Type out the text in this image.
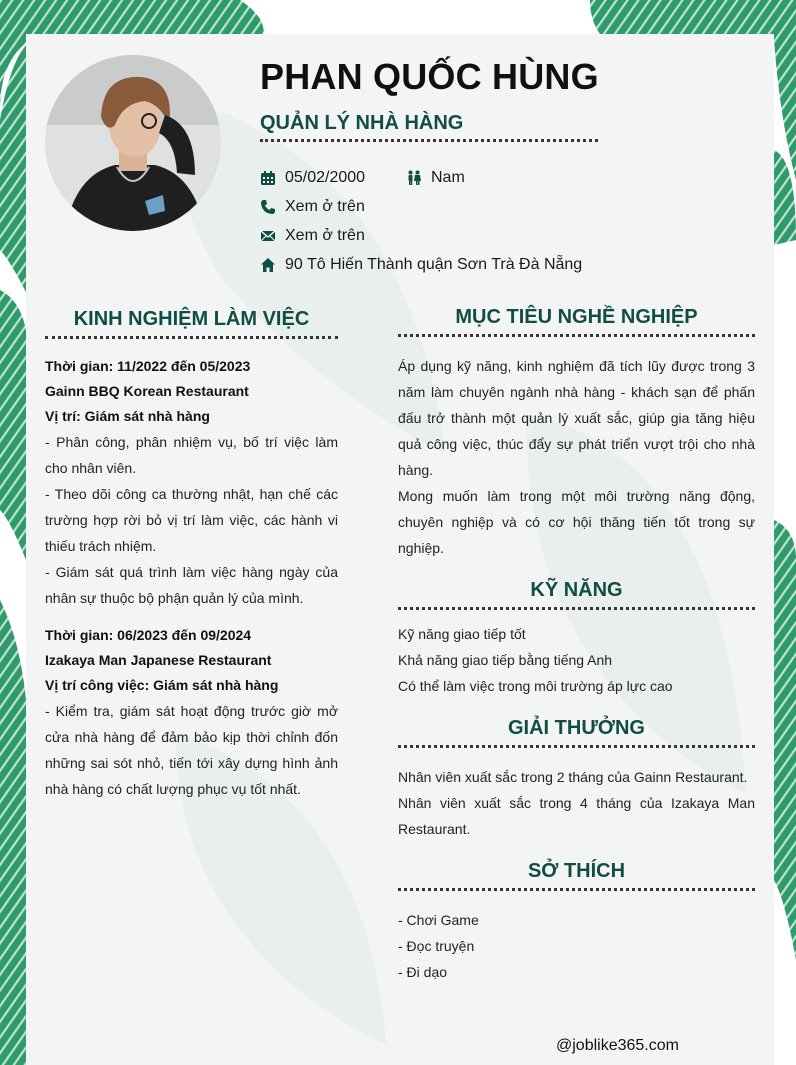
PHAN QUỐC HÙNG
QUẢN LÝ NHÀ HÀNG
05/02/2000	Nam
Xem ở trên
Xem ở trên
90 Tô Hiến Thành quận Sơn Trà Đà Nẵng
KINH NGHIỆM LÀM VIỆC

Thời gian: 11/2022 đến 05/2023

Gainn BBQ Korean Restaurant

Vị trí: Giám sát nhà hàng

- Phân công, phân nhiệm vụ, bố trí việc làm cho nhân viên.

- Theo dõi công ca thường nhật, hạn chế các trường hợp rời bỏ vị trí làm việc, các hành vi thiếu trách nhiệm.

- Giám sát quá trình làm việc hàng ngày của nhân sự thuộc bộ phận quản lý của mình.

Thời gian: 06/2023 đến 09/2024

Izakaya Man Japanese Restaurant

Vị trí công việc: Giám sát nhà hàng

- Kiểm tra, giám sát hoạt động trước giờ mở cửa nhà hàng để đảm bảo kịp thời chỉnh đốn những sai sót nhỏ, tiến tới xây dựng hình ảnh nhà hàng có chất lượng phục vụ tốt nhất.

MỤC TIÊU NGHỀ NGHIỆP

Áp dụng kỹ năng, kinh nghiệm đã tích lũy được trong 3 năm làm chuyên ngành nhà hàng - khách sạn để phấn đấu trở thành một quản lý xuất sắc, giúp gia tăng hiệu quả công việc, thúc đẩy sự phát triển vượt trội cho nhà hàng.

Mong muốn làm trong một môi trường năng động, chuyên nghiệp và có cơ hội thăng tiến tốt trong sự nghiệp.

KỸ NĂNG

Kỹ năng giao tiếp tốt

Khả năng giao tiếp bằng tiếng Anh

Có thể làm việc trong môi trường áp lực cao

GIẢI THƯỞNG

Nhân viên xuất sắc trong 2 tháng của Gainn Restaurant.

Nhân viên xuất sắc trong 4 tháng của Izakaya Man Restaurant.

SỞ THÍCH

- Chơi Game

- Đọc truyện

- Đi dạo

@joblike365.com
